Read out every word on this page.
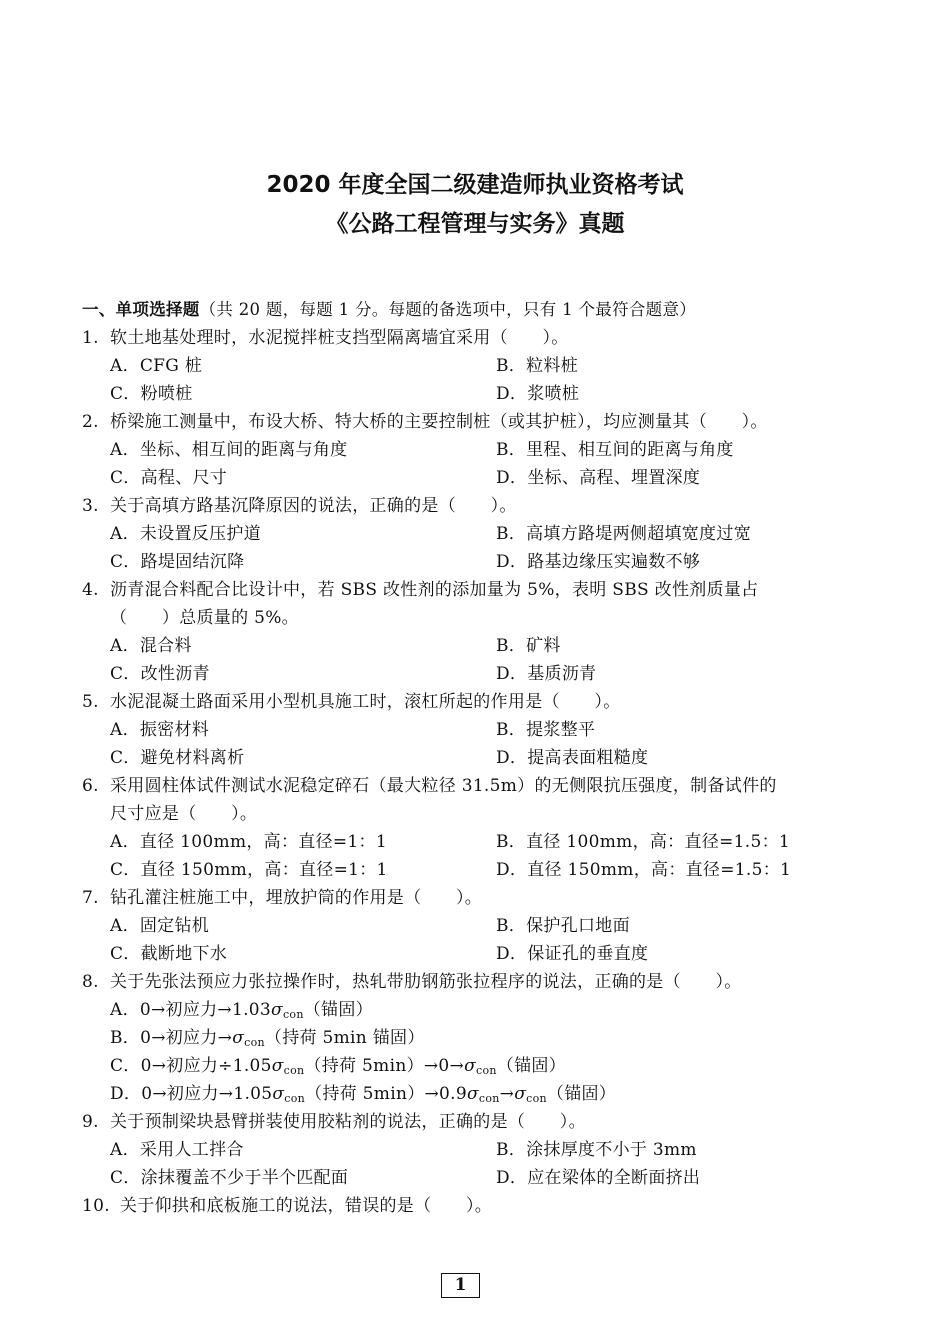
2020 年度全国二级建造师执业资格考试
《公路工程管理与实务》真题
一、单项选择题（共 20 题，每题 1 分。每题的备选项中，只有 1 个最符合题意）
1. 软土地基处理时，水泥搅拌桩支挡型隔离墙宜采用（　　）。
A．CFG 桩	B．粒料桩
C．粉喷桩	D．浆喷桩
2. 桥梁施工测量中，布设大桥、特大桥的主要控制桩（或其护桩），均应测量其（　　）。
A．坐标、相互间的距离与角度	B．里程、相互间的距离与角度
C．高程、尺寸	D．坐标、高程、埋置深度
3. 关于高填方路基沉降原因的说法，正确的是（　　）。
A．未设置反压护道	B．高填方路堤两侧超填宽度过宽
C．路堤固结沉降	D．路基边缘压实遍数不够
4. 沥青混合料配合比设计中，若 SBS 改性剂的添加量为 5%，表明 SBS 改性剂质量占
（　　）总质量的 5%。
A．混合料	B．矿料
C．改性沥青	D．基质沥青
5. 水泥混凝土路面采用小型机具施工时，滚杠所起的作用是（　　）。
A．振密材料	B．提浆整平
C．避免材料离析	D．提高表面粗糙度
6. 采用圆柱体试件测试水泥稳定碎石（最大粒径 31.5m）的无侧限抗压强度，制备试件的
尺寸应是（　　）。
A．直径 100mm，高：直径=1：1	B．直径 100mm，高：直径=1.5：1
C．直径 150mm，高：直径=1：1	D．直径 150mm，高：直径=1.5：1
7. 钻孔灌注桩施工中，埋放护筒的作用是（　　）。
A．固定钻机	B．保护孔口地面
C．截断地下水	D．保证孔的垂直度
8. 关于先张法预应力张拉操作时，热轧带肋钢筋张拉程序的说法，正确的是（　　）。
A．0→初应力$\to 1.03\sigma_{con}$（锚固）
B．0→初应力$\to\sigma_{con}$（持荷 5min 锚固）
C．0→初应力$\div 1.05\sigma_{con}$（持荷 $5\min)\to 0\to\sigma_{con}$（锚固）
D．0→初应力$\to 1.05\sigma_{con}$（持荷 $5\min)\to 0.9\sigma_{con}\to\sigma_{con}$（锚固）
9. 关于预制梁块悬臂拼装使用胶粘剂的说法，正确的是（　　）。
A．采用人工拌合	B．涂抹厚度不小于 3mm
C．涂抹覆盖不少于半个匹配面	D．应在梁体的全断面挤出
10. 关于仰拱和底板施工的说法，错误的是（　　）。
1
